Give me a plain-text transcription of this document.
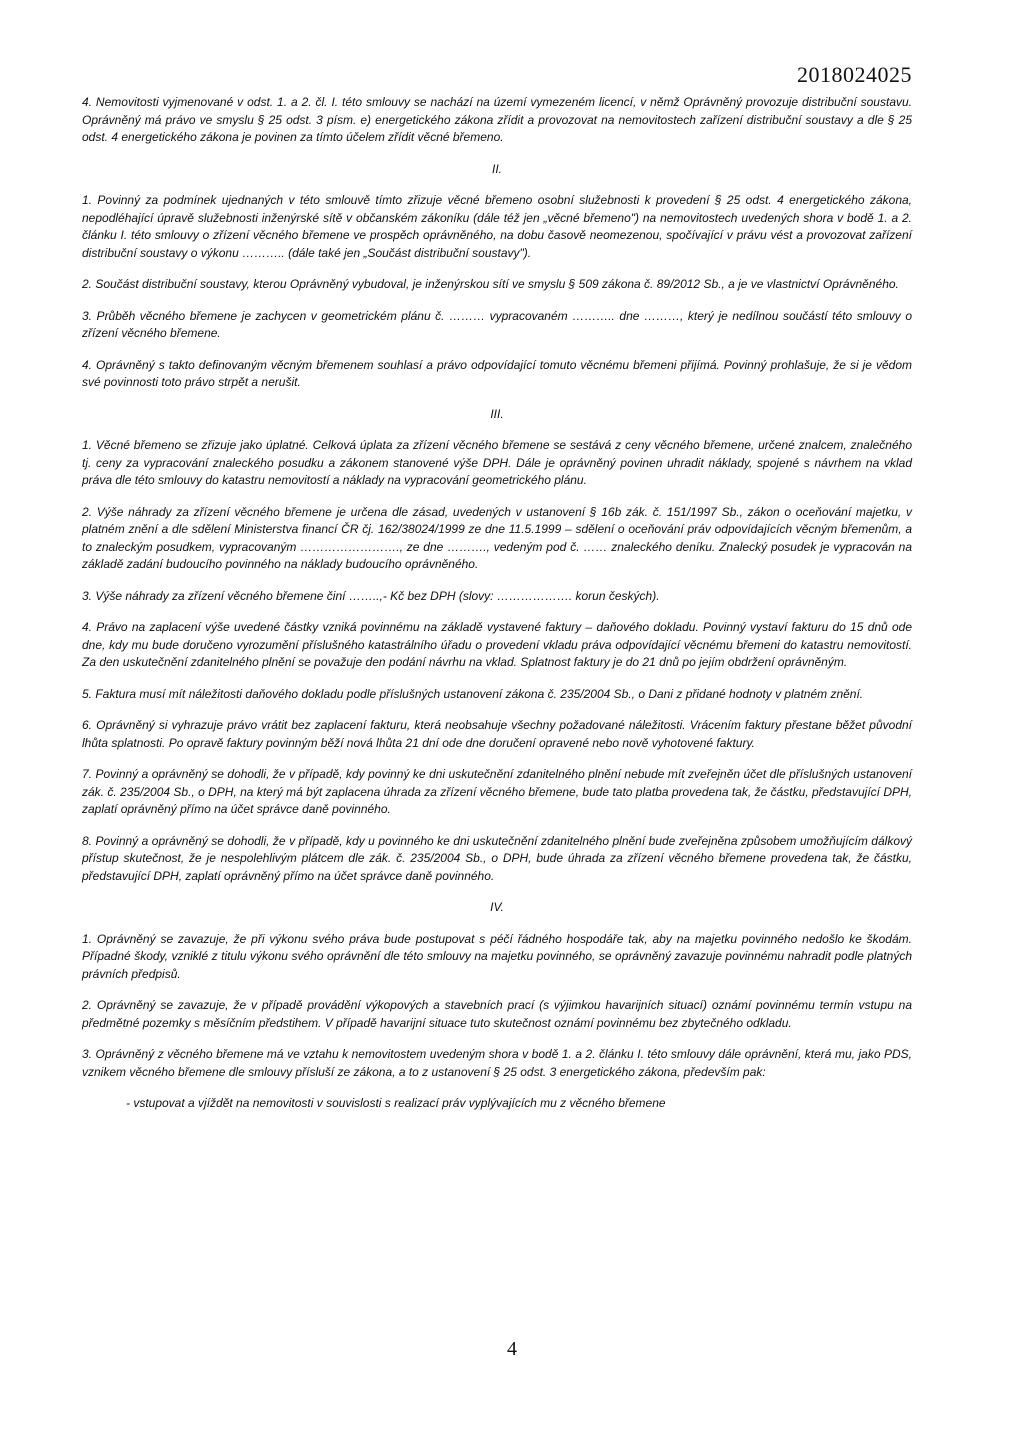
2018024025

4. Nemovitosti vyjmenované v odst. 1. a 2. čl. I. této smlouvy se nachází na území vymezeném licencí, v němž Oprávněný provozuje distribuční soustavu. Oprávněný má právo ve smyslu § 25 odst. 3 písm. e) energetického zákona zřídit a provozovat na nemovitostech zařízení distribuční soustavy a dle § 25 odst. 4 energetického zákona je povinen za tímto účelem zřídit věcné břemeno.

II.

1. Povinný za podmínek ujednaných v této smlouvě tímto zřizuje věcné břemeno osobní služebnosti k provedení § 25 odst. 4 energetického zákona, nepodléhající úpravě služebnosti inženýrské sítě v občanském zákoníku (dále též jen „věcné břemeno") na nemovitostech uvedených shora v bodě 1. a 2. článku I. této smlouvy o zřízení věcného břemene ve prospěch oprávněného, na dobu časově neomezenou, spočívající v právu vést a provozovat zařízení distribuční soustavy o výkonu ……….. (dále také jen „Součást distribuční soustavy").

2. Součást distribuční soustavy, kterou Oprávněný vybudoval, je inženýrskou sítí ve smyslu § 509 zákona č. 89/2012 Sb., a je ve vlastnictví Oprávněného.

3. Průběh věcného břemene je zachycen v geometrickém plánu č. ……… vypracovaném ……….. dne ………, který je nedílnou součástí této smlouvy o zřízení věcného břemene.

4. Oprávněný s takto definovaným věcným břemenem souhlasí a právo odpovídající tomuto věcnému břemeni přijímá. Povinný prohlašuje, že si je vědom své povinnosti toto právo strpět a nerušit.

III.

1. Věcné břemeno se zřizuje jako úplatné. Celková úplata za zřízení věcného břemene se sestává z ceny věcného břemene, určené znalcem, znalečného tj. ceny za vypracování znaleckého posudku a zákonem stanovené výše DPH. Dále je oprávněný povinen uhradit náklady, spojené s návrhem na vklad práva dle této smlouvy do katastru nemovitostí a náklady na vypracování geometrického plánu.

2. Výše náhrady za zřízení věcného břemene je určena dle zásad, uvedených v ustanovení § 16b zák. č. 151/1997 Sb., zákon o oceňování majetku, v platném znění a dle sdělení Ministerstva financí ČR čj. 162/38024/1999 ze dne 11.5.1999 – sdělení o oceňování práv odpovídajících věcným břemenům, a to znaleckým posudkem, vypracovaným ……………………., ze dne ………., vedeným pod č. …… znaleckého deníku. Znalecký posudek je vypracován na základě zadání budoucího povinného na náklady budoucího oprávněného.

3. Výše náhrady za zřízení věcného břemene činí ……..,- Kč bez DPH (slovy: ………………. korun českých).

4. Právo na zaplacení výše uvedené částky vzniká povinnému na základě vystavené faktury – daňového dokladu. Povinný vystaví fakturu do 15 dnů ode dne, kdy mu bude doručeno vyrozumění příslušného katastrálního úřadu o provedení vkladu práva odpovídající věcnému břemeni do katastru nemovitostí. Za den uskutečnění zdanitelného plnění se považuje den podání návrhu na vklad. Splatnost faktury je do 21 dnů po jejím obdržení oprávněným.

5. Faktura musí mít náležitosti daňového dokladu podle příslušných ustanovení zákona č. 235/2004 Sb., o Dani z přidané hodnoty v platném znění.

6. Oprávněný si vyhrazuje právo vrátit bez zaplacení fakturu, která neobsahuje všechny požadované náležitosti. Vrácením faktury přestane běžet původní lhůta splatnosti. Po opravě faktury povinným běží nová lhůta 21 dní ode dne doručení opravené nebo nově vyhotovené faktury.

7. Povinný a oprávněný se dohodli, že v případě, kdy povinný ke dni uskutečnění zdanitelného plnění nebude mít zveřejněn účet dle příslušných ustanovení zák. č. 235/2004 Sb., o DPH, na který má být zaplacena úhrada za zřízení věcného břemene, bude tato platba provedena tak, že částku, představující DPH, zaplatí oprávněný přímo na účet správce daně povinného.

8. Povinný a oprávněný se dohodli, že v případě, kdy u povinného ke dni uskutečnění zdanitelného plnění bude zveřejněna způsobem umožňujícím dálkový přístup skutečnost, že je nespolehlivým plátcem dle zák. č. 235/2004 Sb., o DPH, bude úhrada za zřízení věcného břemene provedena tak, že částku, představující DPH, zaplatí oprávněný přímo na účet správce daně povinného.

IV.

1. Oprávněný se zavazuje, že při výkonu svého práva bude postupovat s péčí řádného hospodáře tak, aby na majetku povinného nedošlo ke škodám. Případné škody, vzniklé z titulu výkonu svého oprávnění dle této smlouvy na majetku povinného, se oprávněný zavazuje povinnému nahradit podle platných právních předpisů.

2. Oprávněný se zavazuje, že v případě provádění výkopových a stavebních prací (s výjimkou havarijních situací) oznámí povinnému termín vstupu na předmětné pozemky s měsíčním předstihem. V případě havarijní situace tuto skutečnost oznámí povinnému bez zbytečného odkladu.

3. Oprávněný z věcného břemene má ve vztahu k nemovitostem uvedeným shora v bodě 1. a 2. článku I. této smlouvy dále oprávnění, která mu, jako PDS, vznikem věcného břemene dle smlouvy přísluší ze zákona, a to z ustanovení § 25 odst. 3 energetického zákona, především pak:

- vstupovat a vjíždět na nemovitosti v souvislosti s realizací práv vyplývajících mu z věcného břemene

4
